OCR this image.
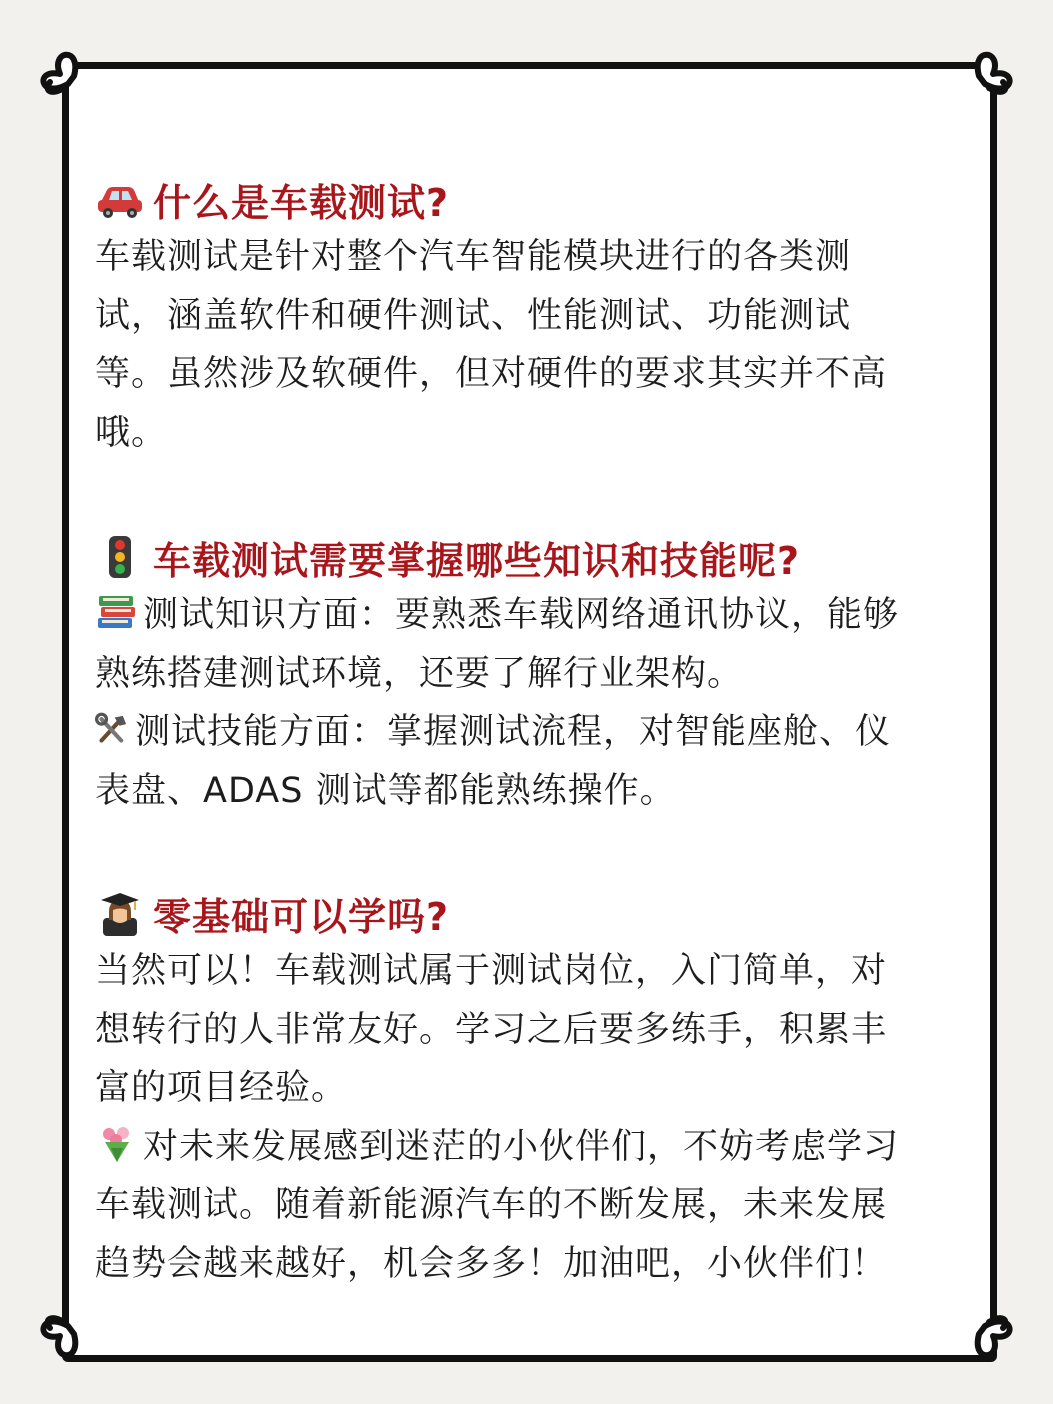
什么是车载测试?

车载测试是针对整个汽车智能模块进行的各类测
试，涵盖软件和硬件测试、性能测试、功能测试
等。虽然涉及软硬件，但对硬件的要求其实并不高
哦。

车载测试需要掌握哪些知识和技能呢?

测试知识方面：要熟悉车载网络通讯协议，能够
熟练搭建测试环境，还要了解行业架构。

测试技能方面：掌握测试流程，对智能座舱、仪
表盘、ADAS 测试等都能熟练操作。

零基础可以学吗?

当然可以！车载测试属于测试岗位，入门简单，对
想转行的人非常友好。学习之后要多练手，积累丰
富的项目经验。

对未来发展感到迷茫的小伙伴们，不妨考虑学习
车载测试。随着新能源汽车的不断发展，未来发展
趋势会越来越好，机会多多！加油吧，小伙伴们！
